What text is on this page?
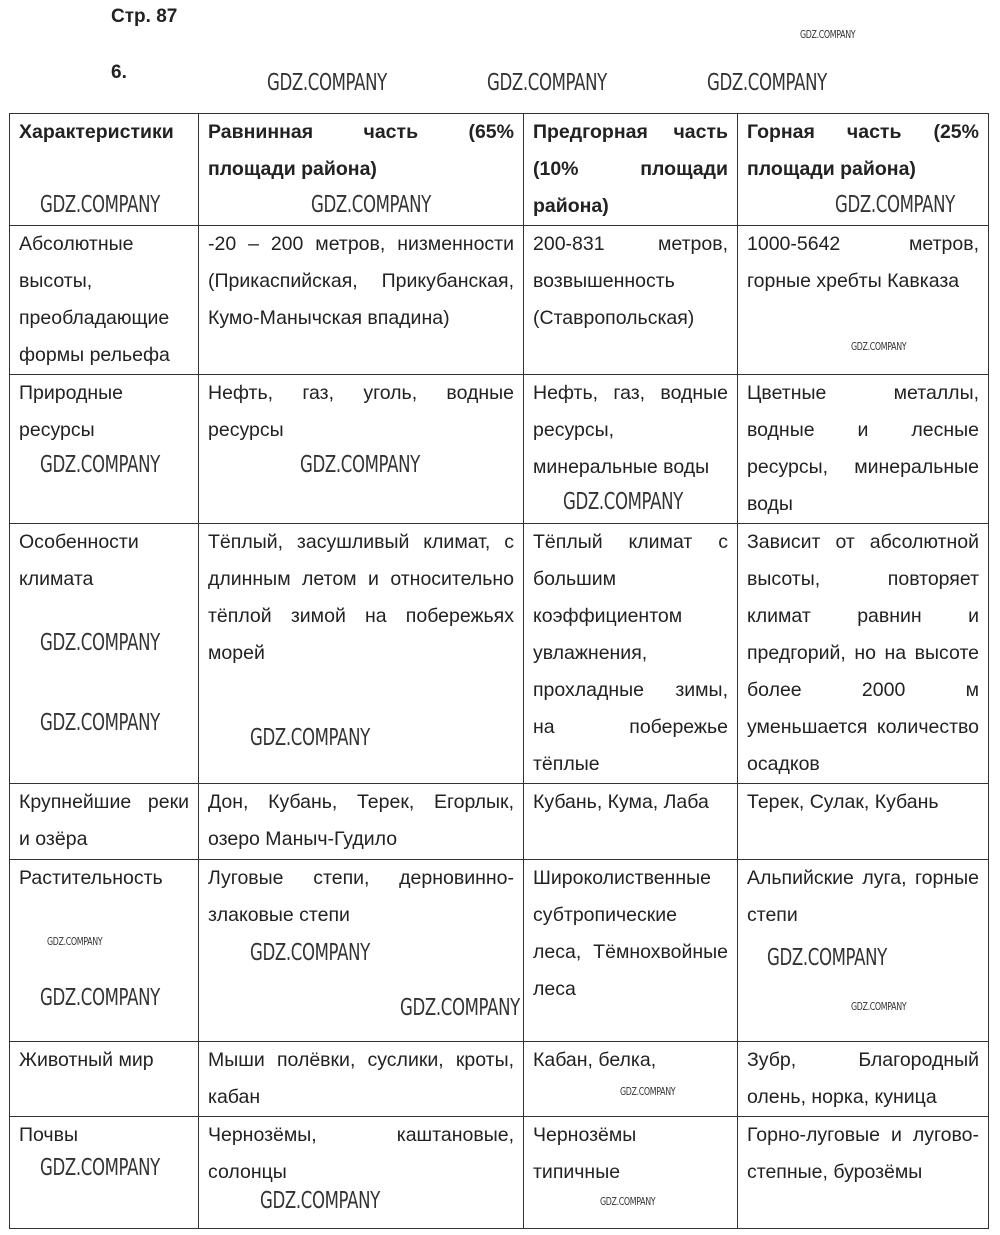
Стр. 87
6.
Характеристики	Равнинная часть (65% площади района)	Предгорная часть (10% площади района)	Горная часть (25% площади района)
Абсолютные высоты, преобладающие формы рельефа	-20 – 200 метров, низменности (Прикаспийская, Прикубанская, Кумо-Манычская впадина)	200-831 метров, возвышенность (Ставропольская)	1000-5642 метров, горные хребты Кавказа
Природные ресурсы	Нефть, газ, уголь, водные ресурсы	Нефть, газ, водные ресурсы, минеральные воды	Цветные металлы, водные и лесные ресурсы, минеральные воды
Особенности климата	Тёплый, засушливый климат, с длинным летом и относительно тёплой зимой на побережьях морей	Тёплый климат с большим коэффициентом увлажнения, прохладные зимы, на побережье тёплые	Зависит от абсолютной высоты, повторяет климат равнин и предгорий, но на высоте более 2000 м уменьшается количество осадков
Крупнейшие реки и озёра	Дон, Кубань, Терек, Егорлык, озеро Маныч-Гудило	Кубань, Кума, Лаба	Терек, Сулак, Кубань
Растительность	Луговые степи, дерновинно-злаковые степи	Широколиственные субтропические леса, Тёмнохвойные леса	Альпийские луга, горные степи
Животный мир	Мыши полёвки, суслики, кроты, кабан	Кабан, белка,	Зубр, Благородный олень, норка, куница
Почвы	Чернозёмы, каштановые, солонцы	Чернозёмы типичные	Горно-луговые и лугово-степные, бурозёмы
GDZ.COMPANY	GDZ.COMPANY	GDZ.COMPANY
GDZ.COMPANY	GDZ.COMPANY	GDZ.COMPANY
GDZ.COMPANY
GDZ.COMPANY	GDZ.COMPANY
GDZ.COMPANY
GDZ.COMPANY
GDZ.COMPANY
GDZ.COMPANY
GDZ.COMPANY
GDZ.COMPANY
GDZ.COMPANY
GDZ.COMPANY
GDZ.COMPANY
GDZ.COMPANY
GDZ.COMPANY
GDZ.COMPANY
GDZ.COMPANY	GDZ.COMPANY
GDZ.COMPANY
